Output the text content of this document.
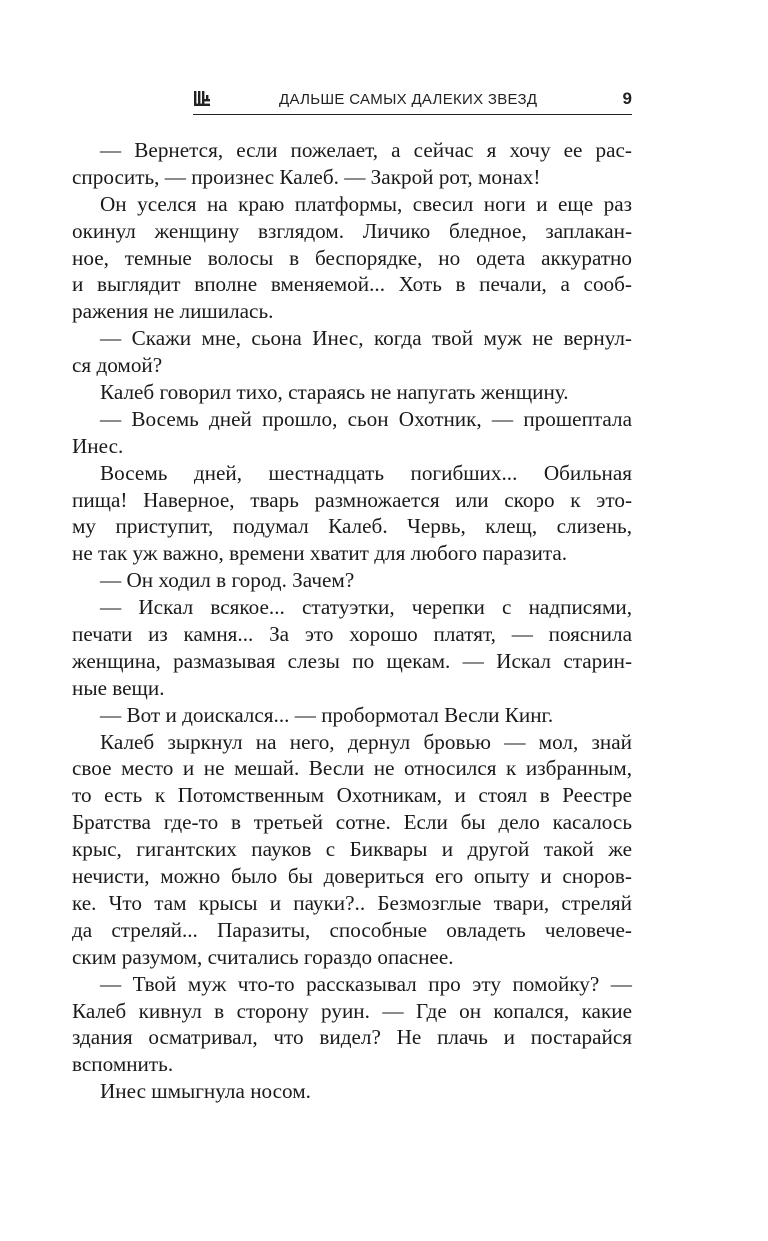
ДАЛЬШЕ САМЫХ ДАЛЕКИХ ЗВЕЗД	9
— Вернется, если пожелает, а сейчас я хочу ее рас-
спросить, — произнес Калеб. — Закрой рот, монах!
Он уселся на краю платформы, свесил ноги и еще раз
окинул женщину взглядом. Личико бледное, заплакан-
ное, темные волосы в беспорядке, но одета аккуратно
и выглядит вполне вменяемой... Хоть в печали, а сооб-
ражения не лишилась.
— Скажи мне, сьона Инес, когда твой муж не вернул-
ся домой?
Калеб говорил тихо, стараясь не напугать женщину.
— Восемь дней прошло, сьон Охотник, — прошептала
Инес.
Восемь дней, шестнадцать погибших... Обильная
пища! Наверное, тварь размножается или скоро к это-
му приступит, подумал Калеб. Червь, клещ, слизень,
не так уж важно, времени хватит для любого паразита.
— Он ходил в город. Зачем?
— Искал всякое... статуэтки, черепки с надписями,
печати из камня... За это хорошо платят, — пояснила
женщина, размазывая слезы по щекам. — Искал старин-
ные вещи.
— Вот и доискался... — пробормотал Весли Кинг.
Калеб зыркнул на него, дернул бровью — мол, знай
свое место и не мешай. Весли не относился к избранным,
то есть к Потомственным Охотникам, и стоял в Реестре
Братства где-то в третьей сотне. Если бы дело касалось
крыс, гигантских пауков с Биквары и другой такой же
нечисти, можно было бы довериться его опыту и сноров-
ке. Что там крысы и пауки?.. Безмозглые твари, стреляй
да стреляй... Паразиты, способные овладеть человече-
ским разумом, считались гораздо опаснее.
— Твой муж что-то рассказывал про эту помойку? —
Калеб кивнул в сторону руин. — Где он копался, какие
здания осматривал, что видел? Не плачь и постарайся
вспомнить.
Инес шмыгнула носом.
